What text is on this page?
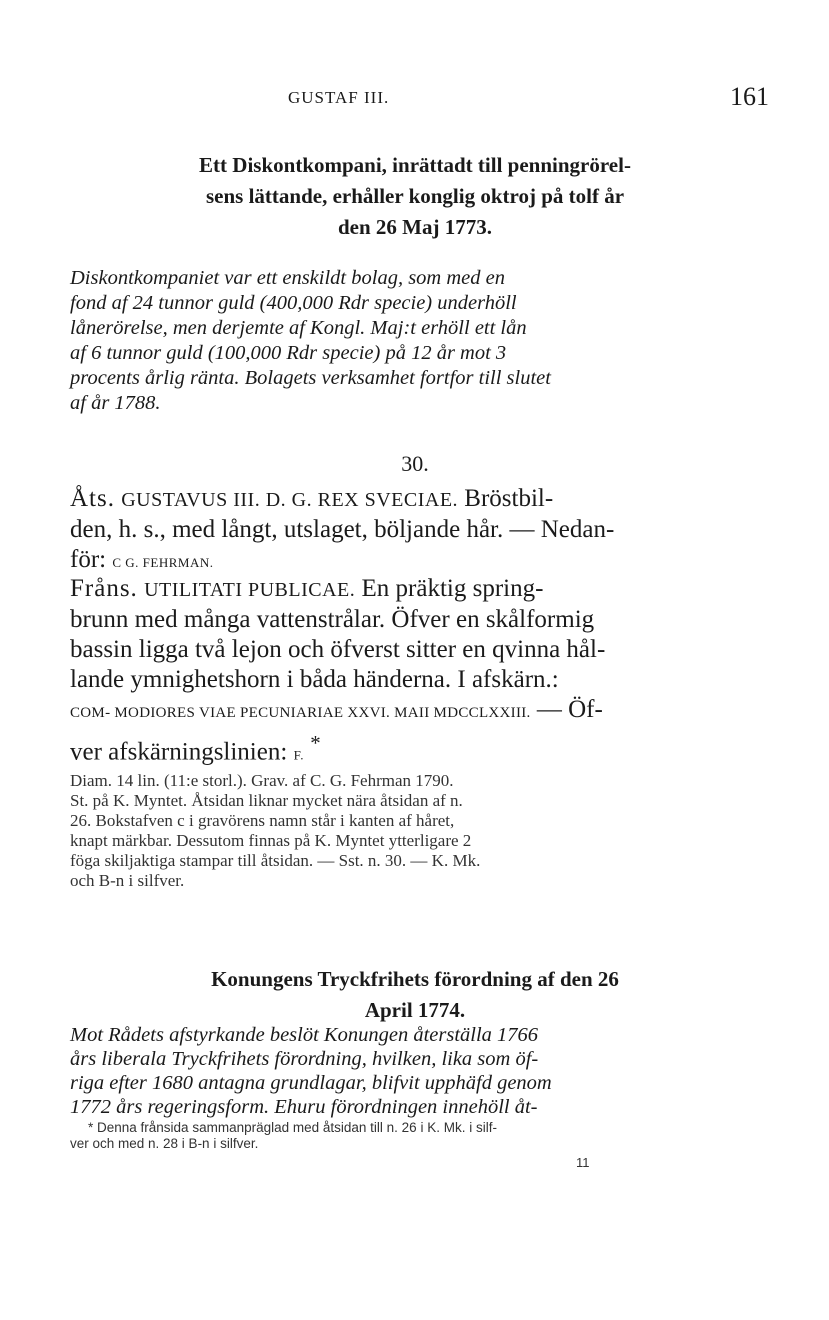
GUSTAF III.	161
Ett Diskontkompani, inrättadt till penningrörel-
sens lättande, erhåller konglig oktroj på tolf år
den 26 Maj 1773.
Diskontkompaniet var ett enskildt bolag, som med en
fond af 24 tunnor guld (400,000 Rdr specie) underhöll
lånerörelse, men derjemte af Kongl. Maj:t erhöll ett lån
af 6 tunnor guld (100,000 Rdr specie) på 12 år mot 3
procents årlig ränta. Bolagets verksamhet fortfor till slutet
af år 1788.
30.
Åts. GUSTAVUS III. D. G. REX SVECIAE. Bröstbil-
den, h. s., med långt, utslaget, böljande hår. — Nedan-
för: C G. FEHRMAN.
Fråns. UTILITATI PUBLICAE. En präktig spring-
brunn med många vattenstrålar. Öfver en skålformig
bassin ligga två lejon och öfverst sitter en qvinna hål-
lande ymnighetshorn i båda händerna. I afskärn.:
COM- MODIORES VIAE PECUNIARIAE XXVI. MAII MDCCLXXIII. — Öf-
ver afskärningslinien: F. *
Diam. 14 lin. (11:e storl.). Grav. af C. G. Fehrman 1790.
St. på K. Myntet. Åtsidan liknar mycket nära åtsidan af n.
26. Bokstafven c i gravörens namn står i kanten af håret,
knapt märkbar. Dessutom finnas på K. Myntet ytterligare 2
föga skiljaktiga stampar till åtsidan. — Sst. n. 30. — K. Mk.
och B-n i silfver.
Konungens Tryckfrihets förordning af den 26
April 1774.
Mot Rådets afstyrkande beslöt Konungen återställa 1766
års liberala Tryckfrihets förordning, hvilken, lika som öf-
riga efter 1680 antagna grundlagar, blifvit upphäfd genom
1772 års regeringsform. Ehuru förordningen innehöll åt-
* Denna frånsida sammanpräglad med åtsidan till n. 26 i K. Mk. i silf-
ver och med n. 28 i B-n i silfver.
11
